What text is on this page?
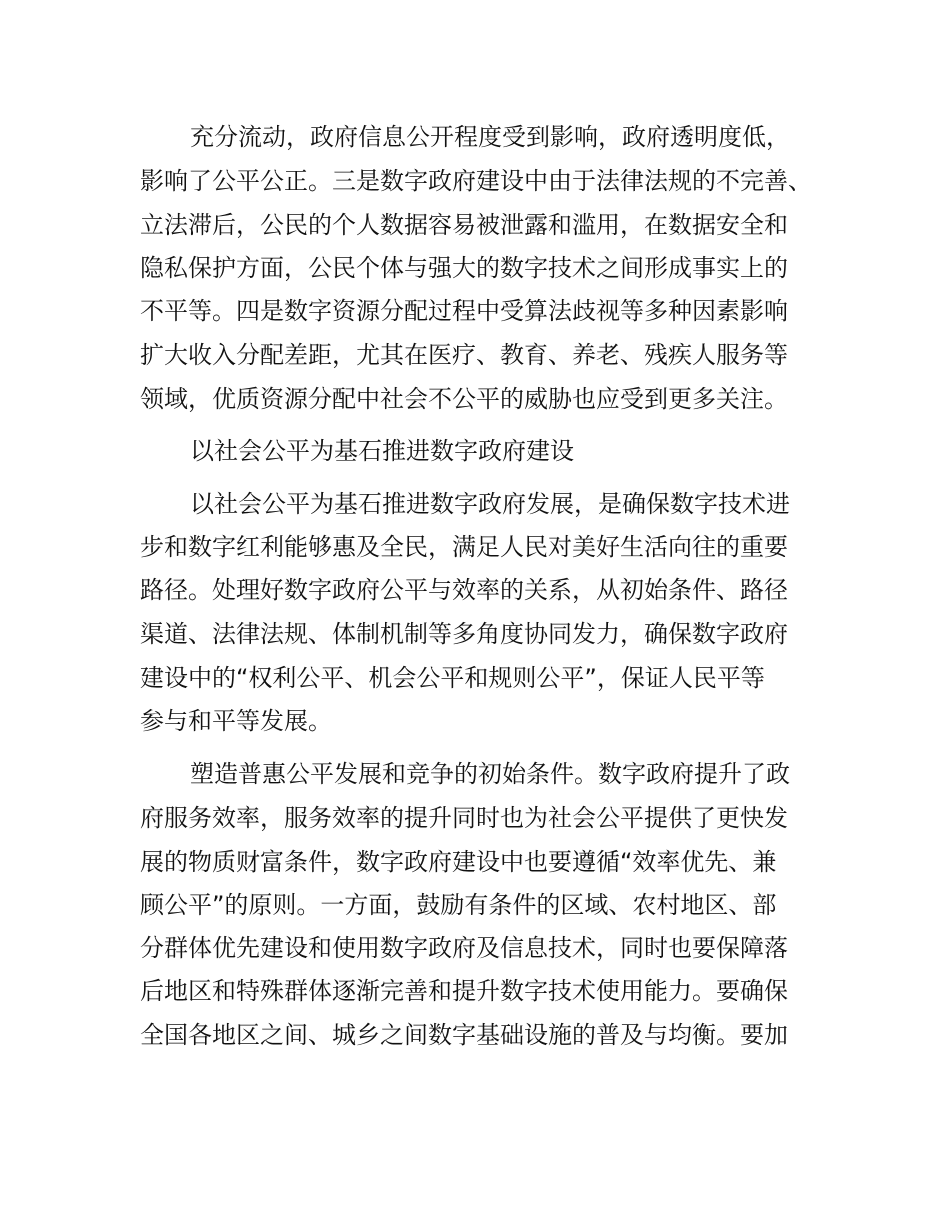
充分流动，政府信息公开程度受到影响，政府透明度低，
影响了公平公正。三是数字政府建设中由于法律法规的不完善、
立法滞后，公民的个人数据容易被泄露和滥用，在数据安全和
隐私保护方面，公民个体与强大的数字技术之间形成事实上的
不平等。四是数字资源分配过程中受算法歧视等多种因素影响
扩大收入分配差距，尤其在医疗、教育、养老、残疾人服务等
领域，优质资源分配中社会不公平的威胁也应受到更多关注。
以社会公平为基石推进数字政府建设
以社会公平为基石推进数字政府发展，是确保数字技术进
步和数字红利能够惠及全民，满足人民对美好生活向往的重要
路径。处理好数字政府公平与效率的关系，从初始条件、路径
渠道、法律法规、体制机制等多角度协同发力，确保数字政府
建设中的“权利公平、机会公平和规则公平”，保证人民平等
参与和平等发展。
塑造普惠公平发展和竞争的初始条件。数字政府提升了政
府服务效率，服务效率的提升同时也为社会公平提供了更快发
展的物质财富条件，数字政府建设中也要遵循“效率优先、兼
顾公平”的原则。一方面，鼓励有条件的区域、农村地区、部
分群体优先建设和使用数字政府及信息技术，同时也要保障落
后地区和特殊群体逐渐完善和提升数字技术使用能力。要确保
全国各地区之间、城乡之间数字基础设施的普及与均衡。要加
